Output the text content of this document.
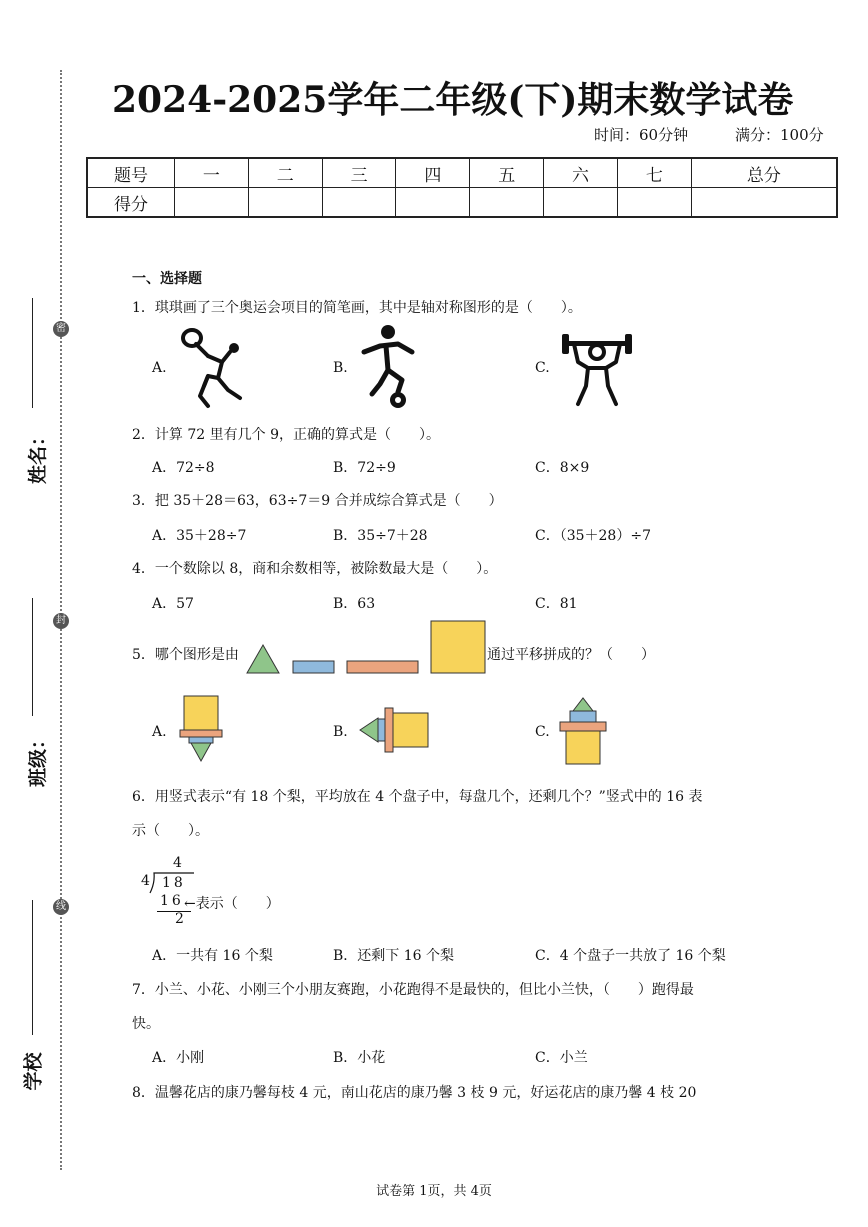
密
封
线
姓名：
班级：
学校
2024-2025学年二年级(下)期末数学试卷
时间：60分钟	满分：100分
题号	一	二	三	四	五	六	七	总分
得分								
一、选择题
1．琪琪画了三个奥运会项目的简笔画，其中是轴对称图形的是（　　）。
A.	B.	C.
2．计算 72 里有几个 9，正确的算式是（　　）。
A．72÷8	B．72÷9	C．8×9
3．把 35＋28＝63，63÷7＝9 合并成综合算式是（　　）
A．35＋28÷7	B．35÷7＋28	C．（35＋28）÷7
4．一个数除以 8，商和余数相等，被除数最大是（　　）。
A．57	B．63	C．81
5．哪个图形是由	通过平移拼成的？（　　）
A.	B.	C.
6．用竖式表示“有 18 个梨，平均放在 4 个盘子中，每盘几个，还剩几个？”竖式中的 16 表
示（　　）。
4
4 18
16
2
←表示（　　）
A．一共有 16 个梨	B．还剩下 16 个梨	C．4 个盘子一共放了 16 个梨
7．小兰、小花、小刚三个小朋友赛跑，小花跑得不是最快的，但比小兰快，（　　）跑得最
快。
A．小刚	B．小花	C．小兰
8．温馨花店的康乃馨每枝 4 元，南山花店的康乃馨 3 枝 9 元，好运花店的康乃馨 4 枝 20
试卷第 1页，共 4页
